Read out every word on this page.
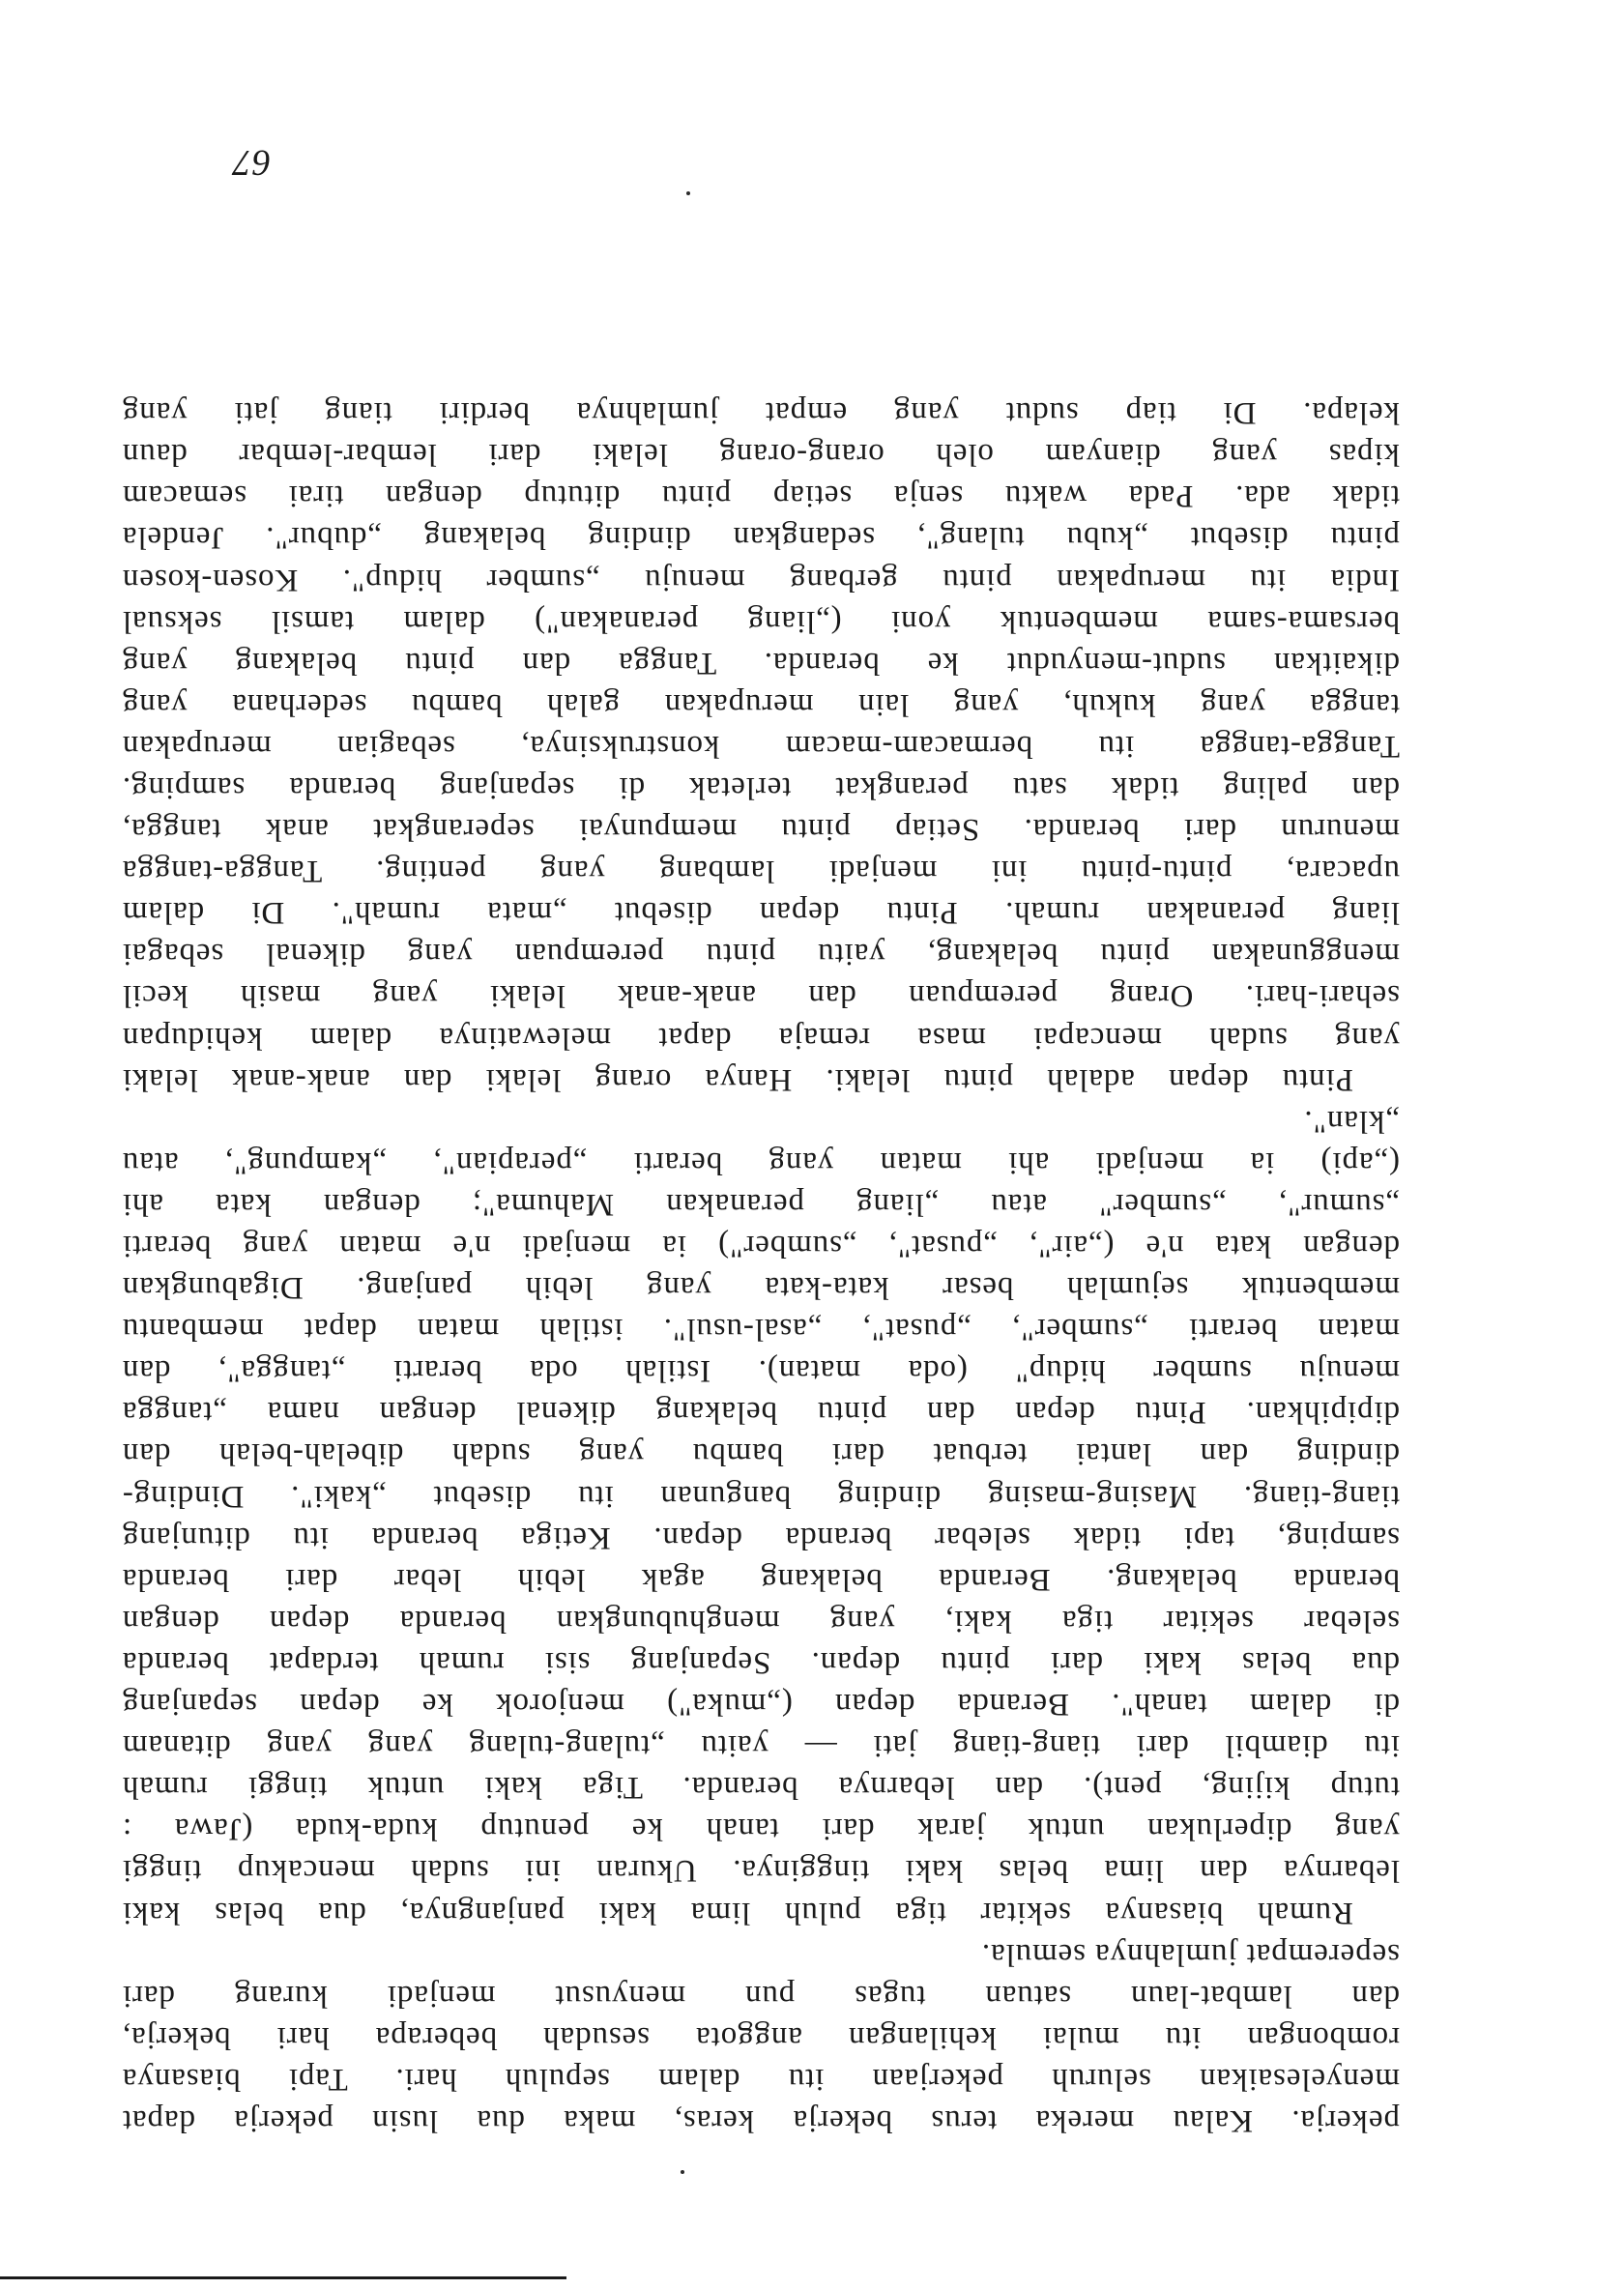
pekerja. Kalau mereka terus bekerja keras, maka dua lusin pekerja dapat
menyelesaikan seluruh pekerjaan itu dalam sepuluh hari. Tapi biasanya
rombongan itu mulai kehilangan anggota sesudah beberapa hari bekerja,
dan lambat-laun satuan tugas pun menyusut menjadi kurang dari
seperempat jumlahnya semula.
Rumah biasanya sekitar tiga puluh lima kaki panjangnya, dua belas kaki
lebarnya dan lima belas kaki tingginya. Ukuran ini sudah mencakup tinggi
yang diperlukan untuk jarak dari tanah ke penutup kuda-kuda (Jawa :
tutup kijing, pent). dan lebarnya beranda. Tiga kaki untuk tinggi rumah
itu diambil dari tiang-tiang jati — yaitu „tulang-tulang yang yang ditanam
di dalam tanah". Beranda depan („muka") menjorok ke depan sepanjang
dua belas kaki dari pintu depan. Sepanjang sisi rumah terdapat beranda
selebar sekitar tiga kaki, yang menghubungkan beranda depan dengan
beranda belakang. Beranda belakang agak lebih lebar dari beranda
samping, tapi tidak selebar beranda depan. Ketiga beranda itu ditunjang
tiang-tiang. Masing-masing dinding bangunan itu disebut „kaki". Dinding-
dinding dan lantai terbuat dari bambu yang sudah dibelah-belah dan
dipipihkan. Pintu depan dan pintu belakang dikenal dengan nama „tangga
menuju sumber hidup" (oda matan). Istilah oda berarti „tangga", dan
matan berarti „sumber", „pusat", „asal-usul". istilah matan dapat membantu
membentuk sejumlah besar kata-kata yang lebih panjang. Digabungkan
dengan kata n'e („air", „pusat", „sumber") ia menjadi n'e matan yang berarti
„sumur", „sumber" atau „liang peranakan Mahuma"; dengan kata ahi
(„api) ia menjadi ahi matan yang berarti „perapian", „kampung", atau
„klan".
Pintu depan adalah pintu lelaki. Hanya orang lelaki dan anak-anak lelaki
yang sudah mencapai masa remaja dapat melewatinya dalam kehidupan
sehari-hari. Orang perempuan dan anak-anak lelaki yang masih kecil
menggunakan pintu belakang, yaitu pintu perempuan yang dikenal sebagai
liang peranakan rumah. Pintu depan disebut „mata rumah". Di dalam
upacara, pintu-pintu ini menjadi lambang yang penting. Tangga-tangga
menurun dari beranda. Setiap pintu mempunyai seperangkat anak tangga,
dan paling tidak satu perangkat terletak di sepanjang beranda samping.
Tangga-tangga itu bermacam-macam konstruksinya, sebagian merupakan
tangga yang kukuh, yang lain merupakan galah bambu sederhana yang
dikaitkan sudut-menyudut ke beranda. Tangga dan pintu belakang yang
bersama-sama membentuk yoni („liang peranakan") dalam tamsil seksual
India itu merupakan pintu gerbang menuju „sumber hidup". Kosen-kosen
pintu disebut „kubu tulang", sedangkan dinding belakang „dubur". Jendela
tidak ada. Pada waktu senja setiap pintu ditutup dengan tirai semacam
kipas yang dianyam oleh orang-orang lelaki dari lembar-lembar daun
kelapa. Di tiap sudut yang empat jumlahnya berdiri tiang jati yang
67
